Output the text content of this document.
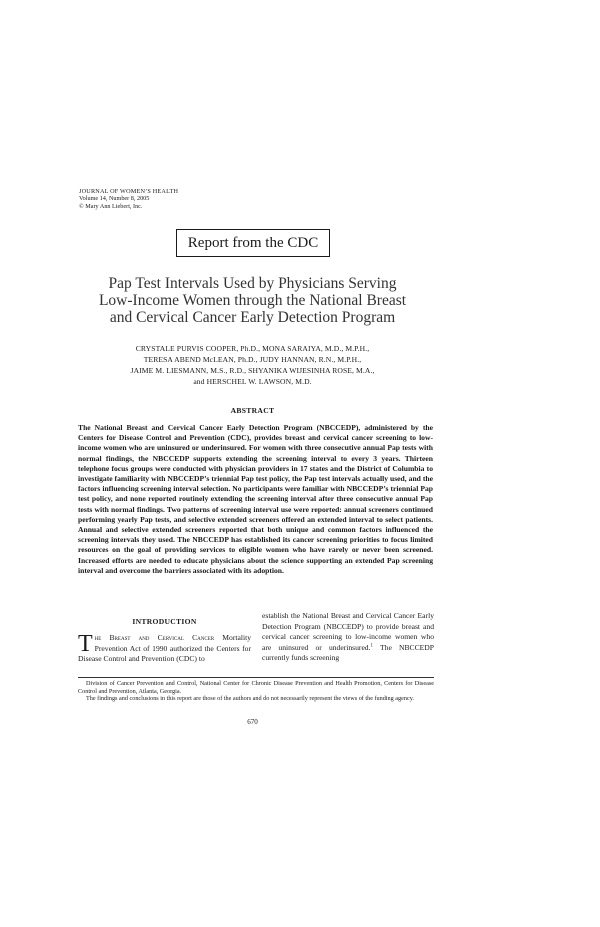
JOURNAL OF WOMEN’S HEALTH
Volume 14, Number 8, 2005
© Mary Ann Liebert, Inc.
Report from the CDC
Pap Test Intervals Used by Physicians Serving
Low-Income Women through the National Breast
and Cervical Cancer Early Detection Program
CRYSTALE PURVIS COOPER, Ph.D., MONA SARAIYA, M.D., M.P.H.,
TERESA ABEND McLEAN, Ph.D., JUDY HANNAN, R.N., M.P.H.,
JAIME M. LIESMANN, M.S., R.D., SHYANIKA WIJESINHA ROSE, M.A.,
and HERSCHEL W. LAWSON, M.D.
ABSTRACT
The National Breast and Cervical Cancer Early Detection Program (NBCCEDP), administered by the Centers for Disease Control and Prevention (CDC), provides breast and cervical cancer screening to low-income women who are uninsured or underinsured. For women with three consecutive annual Pap tests with normal findings, the NBCCEDP supports extending the screening interval to every 3 years. Thirteen telephone focus groups were conducted with physician providers in 17 states and the District of Columbia to investigate familiarity with NBCCEDP’s triennial Pap test policy, the Pap test intervals actually used, and the factors influencing screening interval selection. No participants were familiar with NBCCEDP’s triennial Pap test policy, and none reported routinely extending the screening interval after three consecutive annual Pap tests with normal findings. Two patterns of screening interval use were reported: annual screeners continued performing yearly Pap tests, and selective extended screeners offered an extended interval to select patients. Annual and selective extended screeners reported that both unique and common factors influenced the screening intervals they used. The NBCCEDP has established its cancer screening priorities to focus limited resources on the goal of providing services to eligible women who have rarely or never been screened. Increased efforts are needed to educate physicians about the science supporting an extended Pap screening interval and overcome the barriers associated with its adoption.
INTRODUCTION
The Breast and Cervical Cancer Mortality Prevention Act of 1990 authorized the Centers for Disease Control and Prevention (CDC) to
establish the National Breast and Cervical Cancer Early Detection Program (NBCCEDP) to provide breast and cervical cancer screening to low-income women who are uninsured or underinsured.$^1$ The NBCCEDP currently funds screening

Division of Cancer Prevention and Control, National Center for Chronic Disease Prevention and Health Promotion, Centers for Disease Control and Prevention, Atlanta, Georgia.

The findings and conclusions in this report are those of the authors and do not necessarily represent the views of the funding agency.

670
